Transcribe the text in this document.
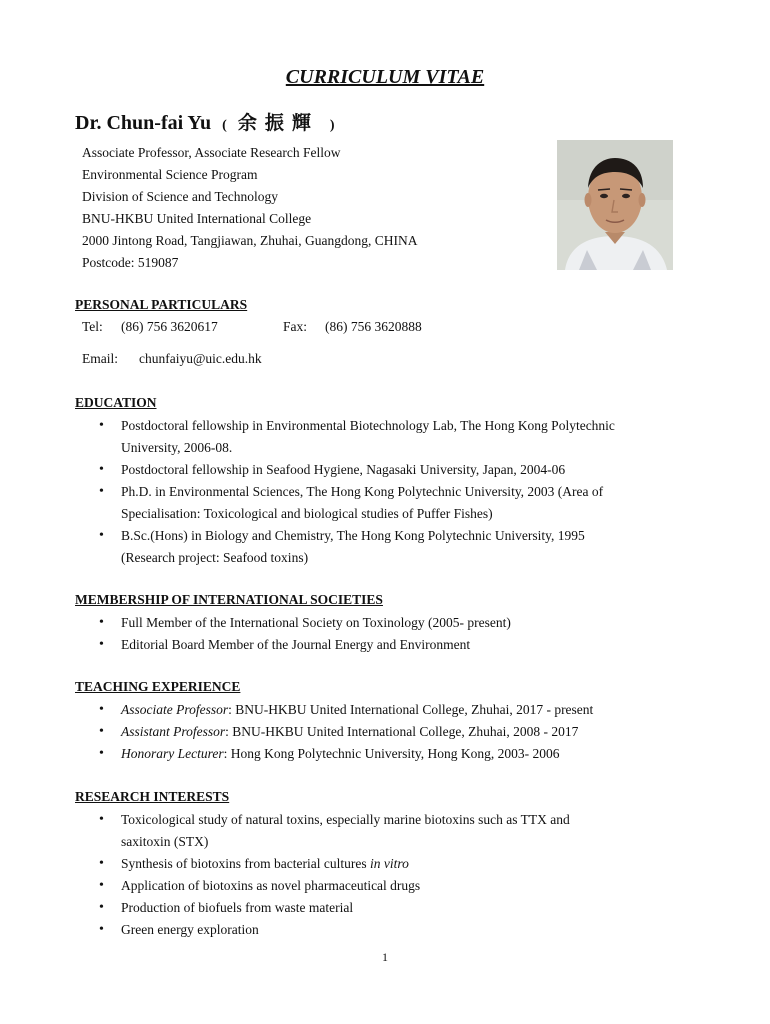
CURRICULUM VITAE
Dr. Chun-fai Yu ( 余振輝 )
Associate Professor, Associate Research Fellow
Environmental Science Program
Division of Science and Technology
BNU-HKBU United International College
2000 Jintong Road, Tangjiawan, Zhuhai, Guangdong, CHINA
Postcode: 519087
PERSONAL PARTICULARS
Tel: (86) 756 3620617	Fax: (86) 756 3620888
Email: chunfaiyu@uic.edu.hk
EDUCATION
• Postdoctoral fellowship in Environmental Biotechnology Lab, The Hong Kong Polytechnic
University, 2006-08.
• Postdoctoral fellowship in Seafood Hygiene, Nagasaki University, Japan, 2004-06
• Ph.D. in Environmental Sciences, The Hong Kong Polytechnic University, 2003 (Area of
Specialisation: Toxicological and biological studies of Puffer Fishes)
• B.Sc.(Hons) in Biology and Chemistry, The Hong Kong Polytechnic University, 1995
(Research project: Seafood toxins)
MEMBERSHIP OF INTERNATIONAL SOCIETIES
• Full Member of the International Society on Toxinology (2005- present)
• Editorial Board Member of the Journal Energy and Environment
TEACHING EXPERIENCE
• Associate Professor: BNU-HKBU United International College, Zhuhai, 2017 - present
• Assistant Professor: BNU-HKBU United International College, Zhuhai, 2008 - 2017
• Honorary Lecturer: Hong Kong Polytechnic University, Hong Kong, 2003- 2006
RESEARCH INTERESTS
• Toxicological study of natural toxins, especially marine biotoxins such as TTX and
saxitoxin (STX)
• Synthesis of biotoxins from bacterial cultures in vitro
• Application of biotoxins as novel pharmaceutical drugs
• Production of biofuels from waste material
• Green energy exploration
1
